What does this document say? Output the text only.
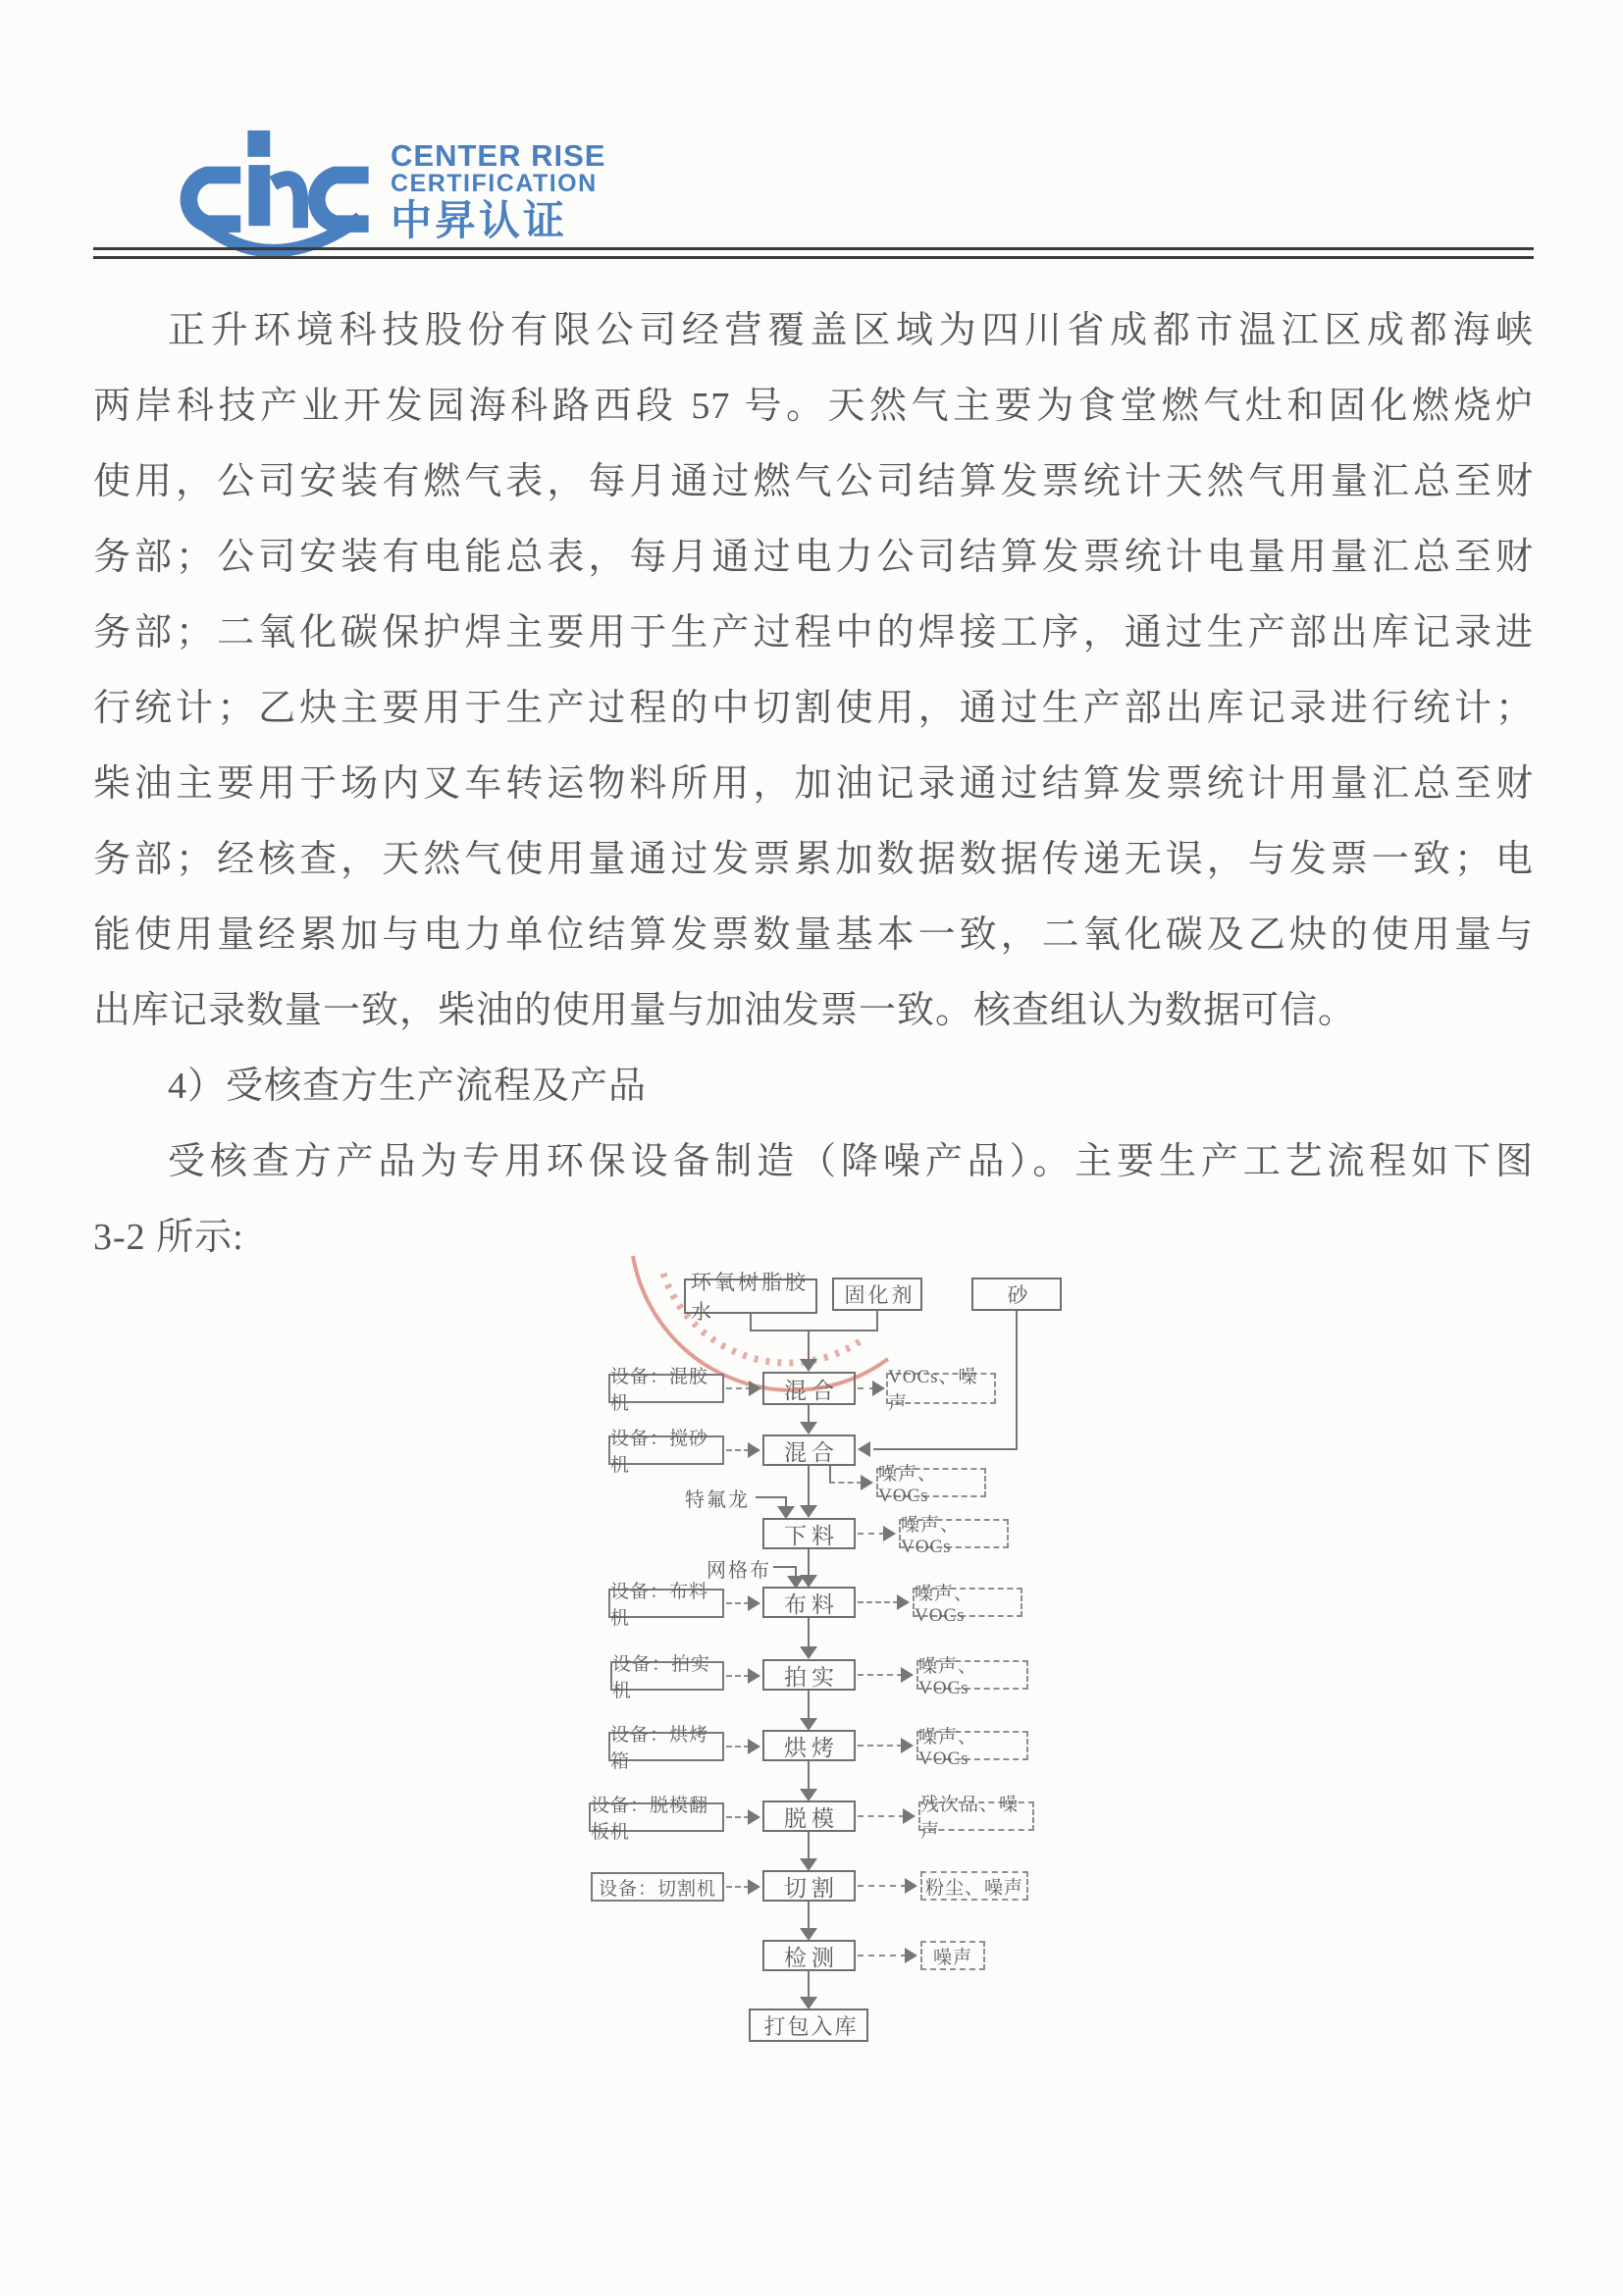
CENTER RISE
CERTIFICATION
中昇认证
正升环境科技股份有限公司经营覆盖区域为四川省成都市温江区成都海峡
两岸科技产业开发园海科路西段 57 号。天然气主要为食堂燃气灶和固化燃烧炉
使用，公司安装有燃气表，每月通过燃气公司结算发票统计天然气用量汇总至财
务部；公司安装有电能总表，每月通过电力公司结算发票统计电量用量汇总至财
务部；二氧化碳保护焊主要用于生产过程中的焊接工序，通过生产部出库记录进
行统计；乙炔主要用于生产过程的中切割使用，通过生产部出库记录进行统计；
柴油主要用于场内叉车转运物料所用，加油记录通过结算发票统计用量汇总至财
务部；经核查，天然气使用量通过发票累加数据数据传递无误，与发票一致；电
能使用量经累加与电力单位结算发票数量基本一致，二氧化碳及乙炔的使用量与
出库记录数量一致，柴油的使用量与加油发票一致。核查组认为数据可信。
4）受核查方生产流程及产品
受核查方产品为专用环保设备制造（降噪产品）。主要生产工艺流程如下图
3-2 所示:
环氧树脂胶水
固化剂	砂
混合
设备：混胶机
VOCs、噪声
混合
设备：搅砂机	噪声、VOCs
特氟龙
下料	噪声、VOCs
网格布
布料
设备：布料机
噪声、VOCs
拍实
设备：拍实机
噪声、VOCs
烘烤
设备：烘烤箱
噪声、VOCs
脱模
设备：脱模翻板机
残次品、噪声
切割
设备：切割机	粉尘、噪声
检测	噪声
打包入库
